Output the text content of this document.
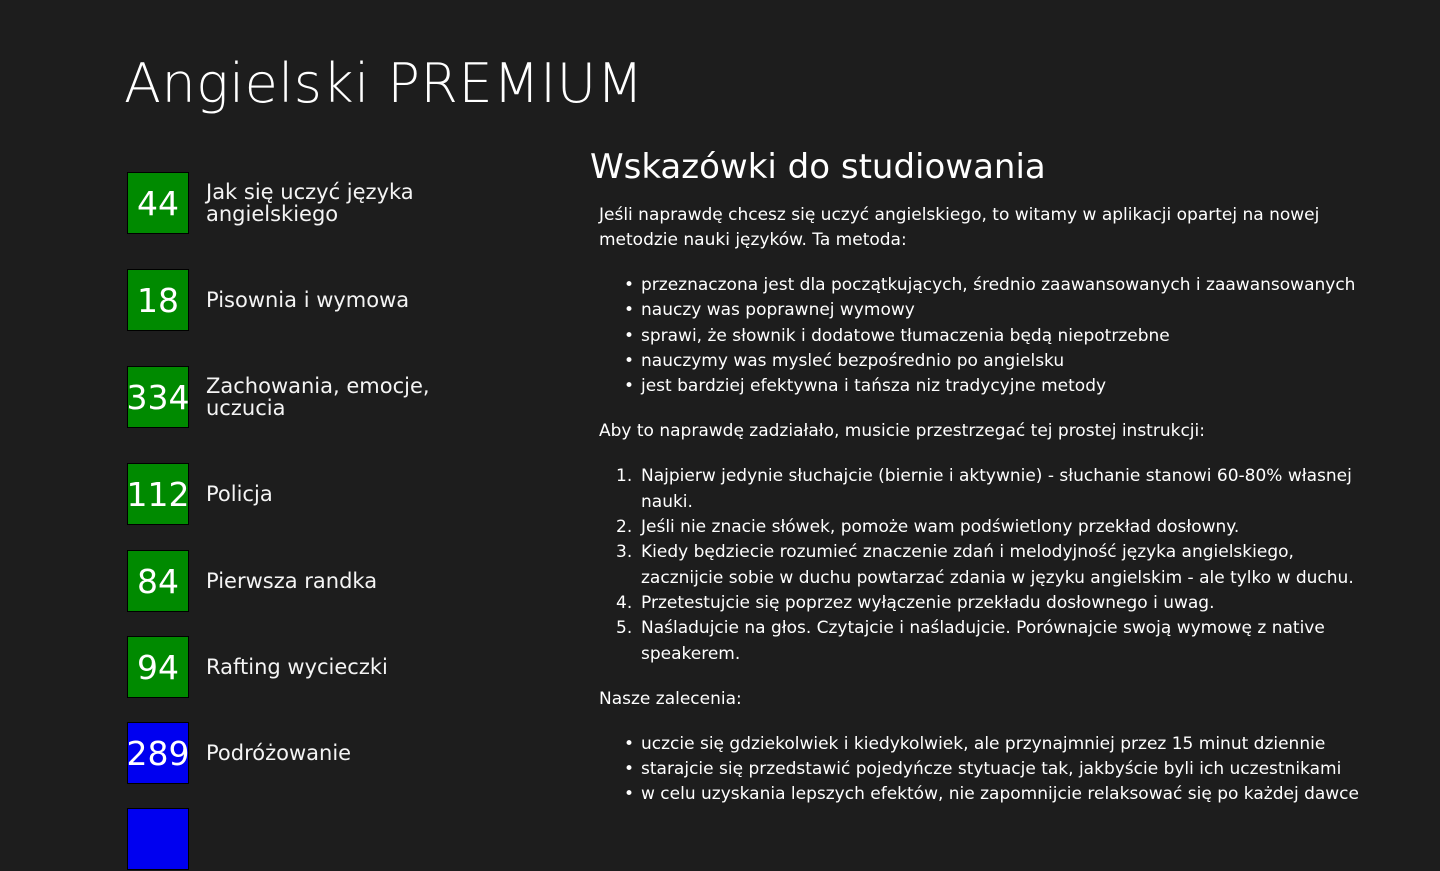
Angielski PREMIUM
44	Jak się uczyć języka angielskiego
18	Pisownia i wymowa
334 Zachowania, emocje, uczucia
112 Policja
84	Pierwsza randka
94	Rafting wycieczki
289 Podróżowanie
Wskazówki do studiowania

Jeśli naprawdę chcesz się uczyć angielskiego, to witamy w aplikacji opartej na nowej metodzie nauki języków. Ta metoda:

• przeznaczona jest dla początkujących, średnio zaawansowanych i zaawansowanych
• nauczy was poprawnej wymowy
• sprawi, że słownik i dodatowe tłumaczenia będą niepotrzebne
• nauczymy was mysleć bezpośrednio po angielsku
• jest bardziej efektywna i tańsza niz tradycyjne metody

Aby to naprawdę zadziałało, musicie przestrzegać tej prostej instrukcji:

Najpierw jedynie słuchajcie (biernie i aktywnie) - słuchanie stanowi 60-80% własnej nauki.
Jeśli nie znacie słówek, pomoże wam podświetlony przekład dosłowny.
Kiedy będziecie rozumieć znaczenie zdań i melodyjność języka angielskiego, zacznijcie sobie w duchu powtarzać zdania w języku angielskim - ale tylko w duchu.
Przetestujcie się poprzez wyłączenie przekładu dosłownego i uwag.
Naśladujcie na głos. Czytajcie i naśladujcie. Porównajcie swoją wymowę z native speakerem.

Nasze zalecenia:

• uczcie się gdziekolwiek i kiedykolwiek, ale przynajmniej przez 15 minut dziennie
• starajcie się przedstawić pojedyńcze stytuacje tak, jakbyście byli ich uczestnikami
• w celu uzyskania lepszych efektów, nie zapomnijcie relaksować się po każdej dawce
